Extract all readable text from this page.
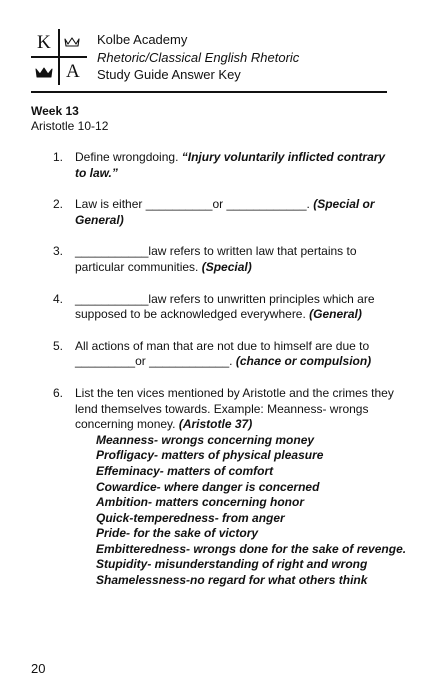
K
A
Kolbe Academy
Rhetoric/Classical English Rhetoric
Study Guide Answer Key
Week 13
Aristotle 10-12
1. Define wrongdoing. “Injury voluntarily inflicted contrary to law.”
2. Law is either __________or ____________. (Special or General)
3. ___________law refers to written law that pertains to particular communities. (Special)
4. ___________law refers to unwritten principles which are supposed to be acknowledged everywhere. (General)
5. All actions of man that are not due to himself are due to _________or ____________. (chance or compulsion)
6. List the ten vices mentioned by Aristotle and the crimes they lend themselves towards. Example: Meanness- wrongs concerning money. (Aristotle 37)
Meanness- wrongs concerning money
Profligacy- matters of physical pleasure
Effeminacy- matters of comfort
Cowardice- where danger is concerned
Ambition- matters concerning honor
Quick-temperedness- from anger
Pride- for the sake of victory
Embitteredness- wrongs done for the sake of revenge.
Stupidity- misunderstanding of right and wrong
Shamelessness-no regard for what others think
20
